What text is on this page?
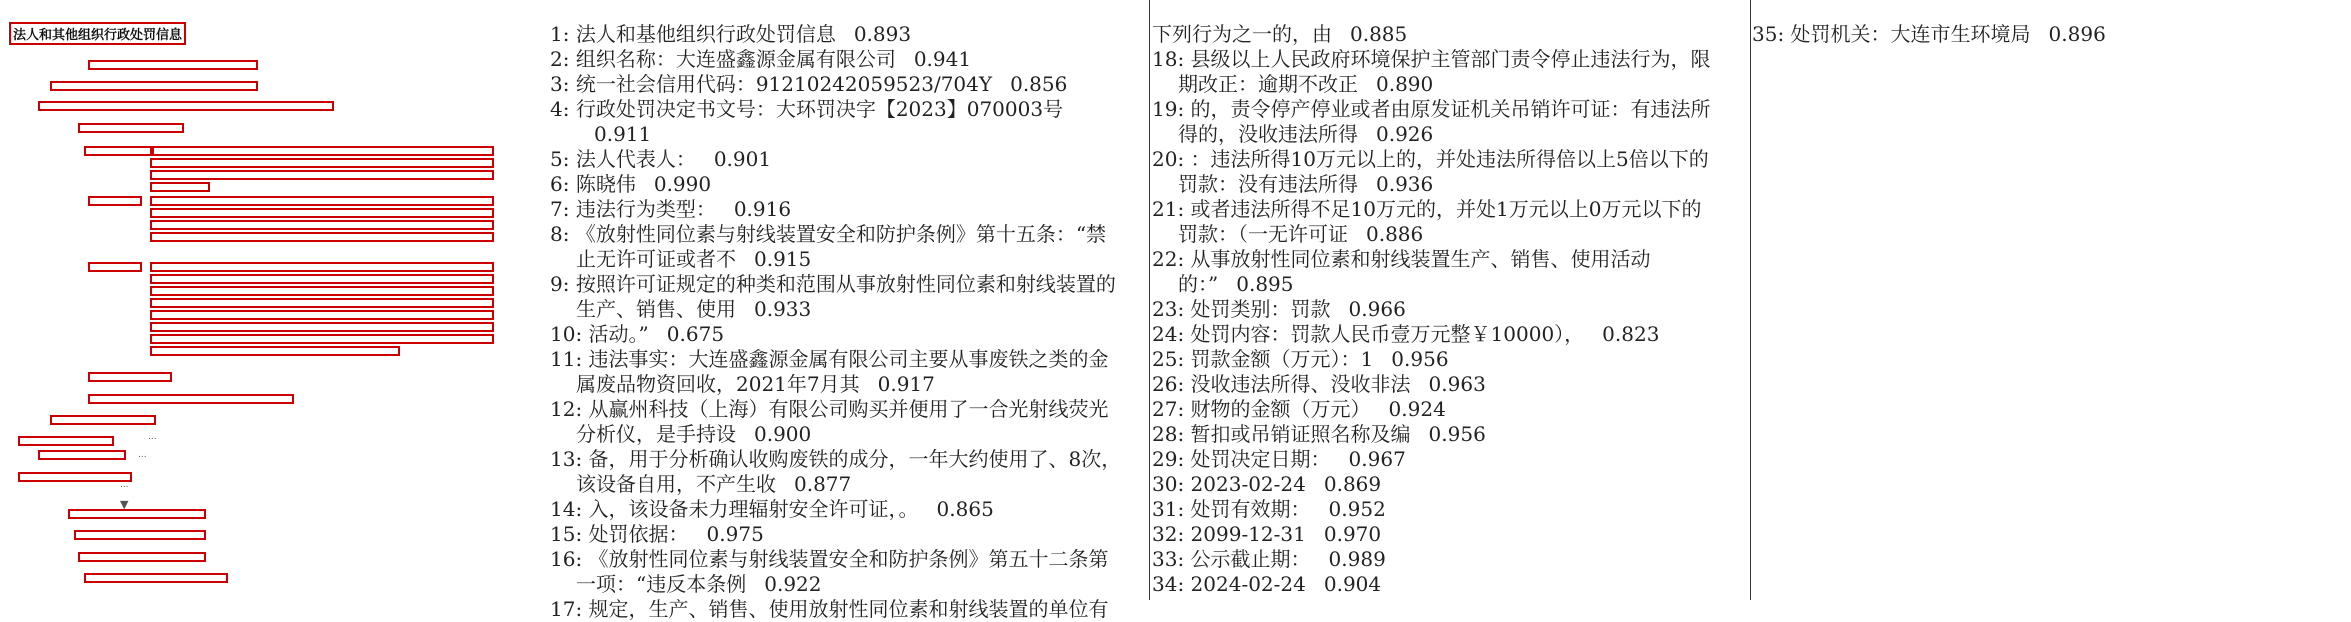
法人和其他组织行政处罚信息
...
...
...
▼
1: 法人和基他组织行政处罚信息 0.893
2: 组织名称：大连盛鑫源金属有限公司 0.941
3: 统一社会信用代码：91210242059523/704Y 0.856
4: 行政处罚决定书文号：大环罚决字【2023】070003号0.911
5: 法人代表人： 0.901
6: 陈晓伟 0.990
7: 违法行为类型： 0.916
8: 《放射性同位素与射线装置安全和防护条例》第十五条：“禁止无许可证或者不 0.915
9: 按照许可证规定的种类和范围从事放射性同位素和射线装置的生产、销售、使用 0.933
10: 活动。” 0.675
11: 违法事实：大连盛鑫源金属有限公司主要从事废铁之类的金属废品物资回收，2021年7月其 0.917
12: 从赢州科技（上海）有限公司购买并便用了一合光射线荧光分析仪，是手持设 0.900
13: 备，用于分析确认收购废铁的成分，一年大约使用了、8次，该设备自用，不产生收 0.877
14: 入，该设备未力理辐射安全许可证，。 0.865
15: 处罚依据： 0.975
16: 《放射性同位素与射线装置安全和防护条例》第五十二条第一项：“违反本条例 0.922
17: 规定，生产、销售、使用放射性同位素和射线装置的单位有
下列行为之一的，由 0.885
18: 县级以上人民政府环境保护主管部门责令停止违法行为，限期改正：逾期不改正 0.890
19: 的，责令停产停业或者由原发证机关吊销许可证：有违法所得的，没收违法所得 0.926
20: ：违法所得10万元以上的，并处违法所得倍以上5倍以下的罚款：没有违法所得 0.936
21: 或者违法所得不足10万元的，并处1万元以上0万元以下的罚款：（一无许可证 0.886
22: 从事放射性同位素和射线装置生产、销售、使用活动的：” 0.895
23: 处罚类别：罚款 0.966
24: 处罚内容：罚款人民币壹万元整￥10000）， 0.823
25: 罚款金额（万元）：1 0.956
26: 没收违法所得、没收非法 0.963
27: 财物的金额（万元） 0.924
28: 暂扣或吊销证照名称及编 0.956
29: 处罚决定日期： 0.967
30: 2023-02-24 0.869
31: 处罚有效期： 0.952
32: 2099-12-31 0.970
33: 公示截止期： 0.989
34: 2024-02-24 0.904
35: 处罚机关：大连市生环境局 0.896
